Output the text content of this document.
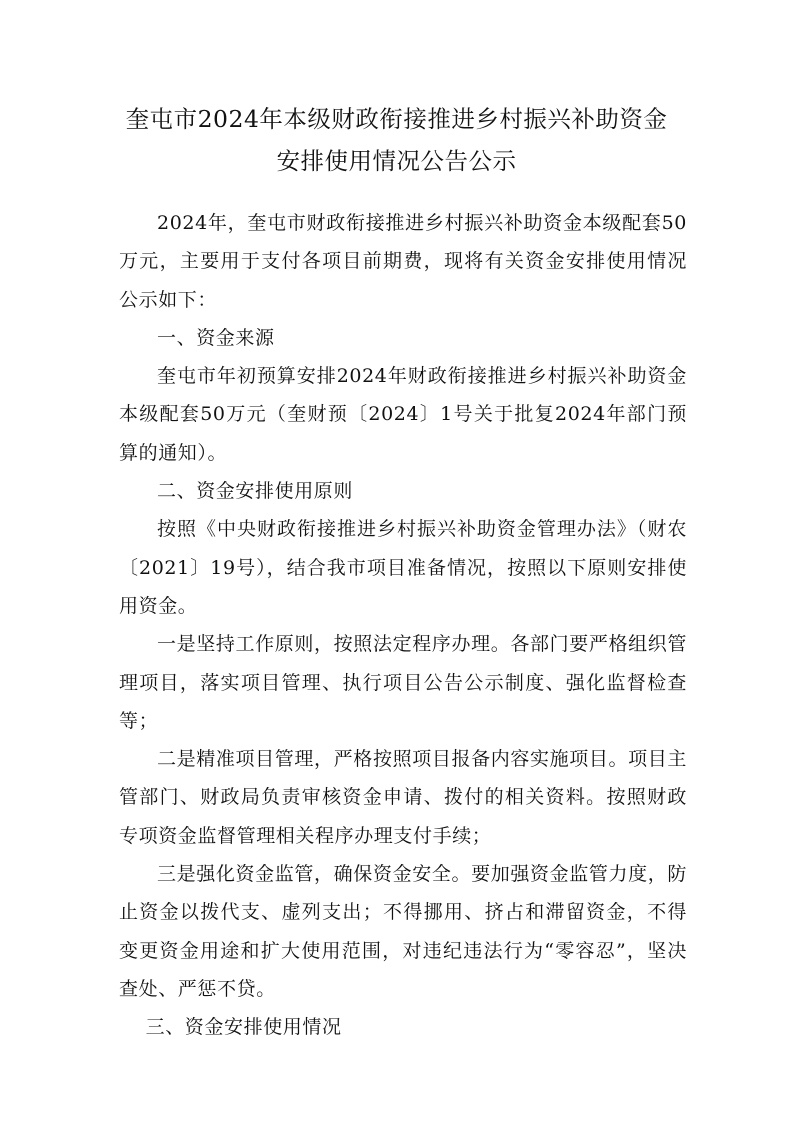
奎屯市2024年本级财政衔接推进乡村振兴补助资金
安排使用情况公告公示

2024年，奎屯市财政衔接推进乡村振兴补助资金本级配套50万元，主要用于支付各项目前期费，现将有关资金安排使用情况公示如下：

一、资金来源

奎屯市年初预算安排2024年财政衔接推进乡村振兴补助资金本级配套50万元（奎财预〔2024〕1号关于批复2024年部门预算的通知）。

二、资金安排使用原则

按照《中央财政衔接推进乡村振兴补助资金管理办法》（财农〔2021〕19号），结合我市项目准备情况，按照以下原则安排使用资金。

一是坚持工作原则，按照法定程序办理。各部门要严格组织管理项目，落实项目管理、执行项目公告公示制度、强化监督检查等；

二是精准项目管理，严格按照项目报备内容实施项目。项目主管部门、财政局负责审核资金申请、拨付的相关资料。按照财政专项资金监督管理相关程序办理支付手续；

三是强化资金监管，确保资金安全。要加强资金监管力度，防止资金以拨代支、虚列支出；不得挪用、挤占和滞留资金，不得变更资金用途和扩大使用范围，对违纪违法行为“零容忍”，坚决查处、严惩不贷。

三、资金安排使用情况
